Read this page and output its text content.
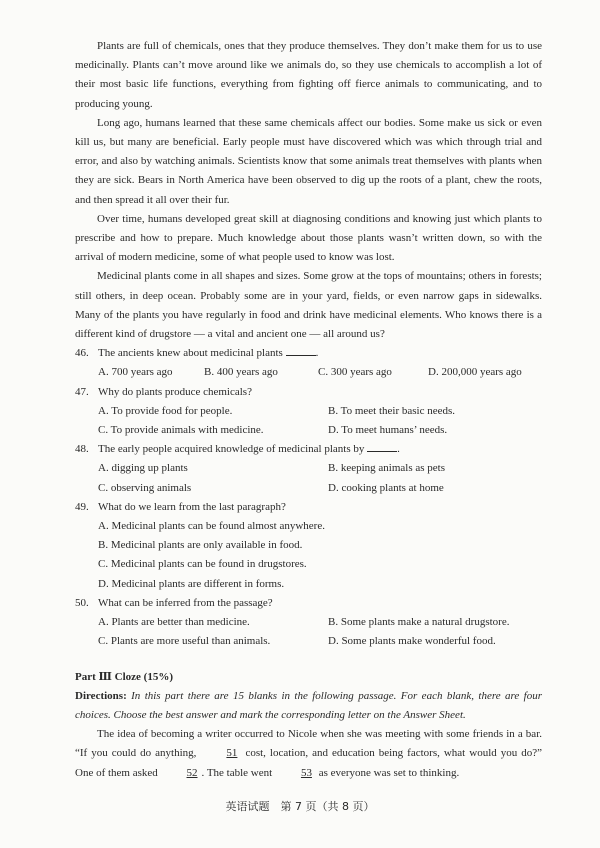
Plants are full of chemicals, ones that they produce themselves. They don’t make them for us to use medicinally. Plants can’t move around like we animals do, so they use chemicals to accomplish a lot of their most basic life functions, everything from fighting off fierce animals to communicating, and to producing young.

Long ago, humans learned that these same chemicals affect our bodies. Some make us sick or even kill us, but many are beneficial. Early people must have discovered which was which through trial and error, and also by watching animals. Scientists know that some animals treat themselves with plants when they are sick. Bears in North America have been observed to dig up the roots of a plant, chew the roots, and then spread it all over their fur.

Over time, humans developed great skill at diagnosing conditions and knowing just which plants to prescribe and how to prepare. Much knowledge about those plants wasn’t written down, so with the arrival of modern medicine, some of what people used to know was lost.

Medicinal plants come in all shapes and sizes. Some grow at the tops of mountains; others in forests; still others, in deep ocean. Probably some are in your yard, fields, or even narrow gaps in sidewalks. Many of the plants you have regularly in food and drink have medicinal elements. Who knows there is a different kind of drugstore — a vital and ancient one — all around us?

46. The ancients knew about medicinal plants	.
A. 700 years ago	B. 400 years ago	C. 300 years ago	D. 200,000 years ago
47. Why do plants produce chemicals?
A. To provide food for people.	B. To meet their basic needs.
C. To provide animals with medicine.	D. To meet humans’ needs.
48. The early people acquired knowledge of medicinal plants by	.
A. digging up plants	B. keeping animals as pets
C. observing animals	D. cooking plants at home
49. What do we learn from the last paragraph?
A. Medicinal plants can be found almost anywhere.
B. Medicinal plants are only available in food.
C. Medicinal plants can be found in drugstores.
D. Medicinal plants are different in forms.
50. What can be inferred from the passage?
A. Plants are better than medicine.	B. Some plants make a natural drugstore.
C. Plants are more useful than animals.	D. Some plants make wonderful food.

Part Ⅲ Cloze (15%)

Directions: In this part there are 15 blanks in the following passage. For each blank, there are four choices. Choose the best answer and mark the corresponding letter on the Answer Sheet.

The idea of becoming a writer occurred to Nicole when she was meeting with some friends in a bar. “If you could do anything,	51 cost, location, and education being factors, what would you do?” One of them asked	52 . The table went	53 as everyone was set to thinking.

英语试题　第 7 页（共 8 页）
